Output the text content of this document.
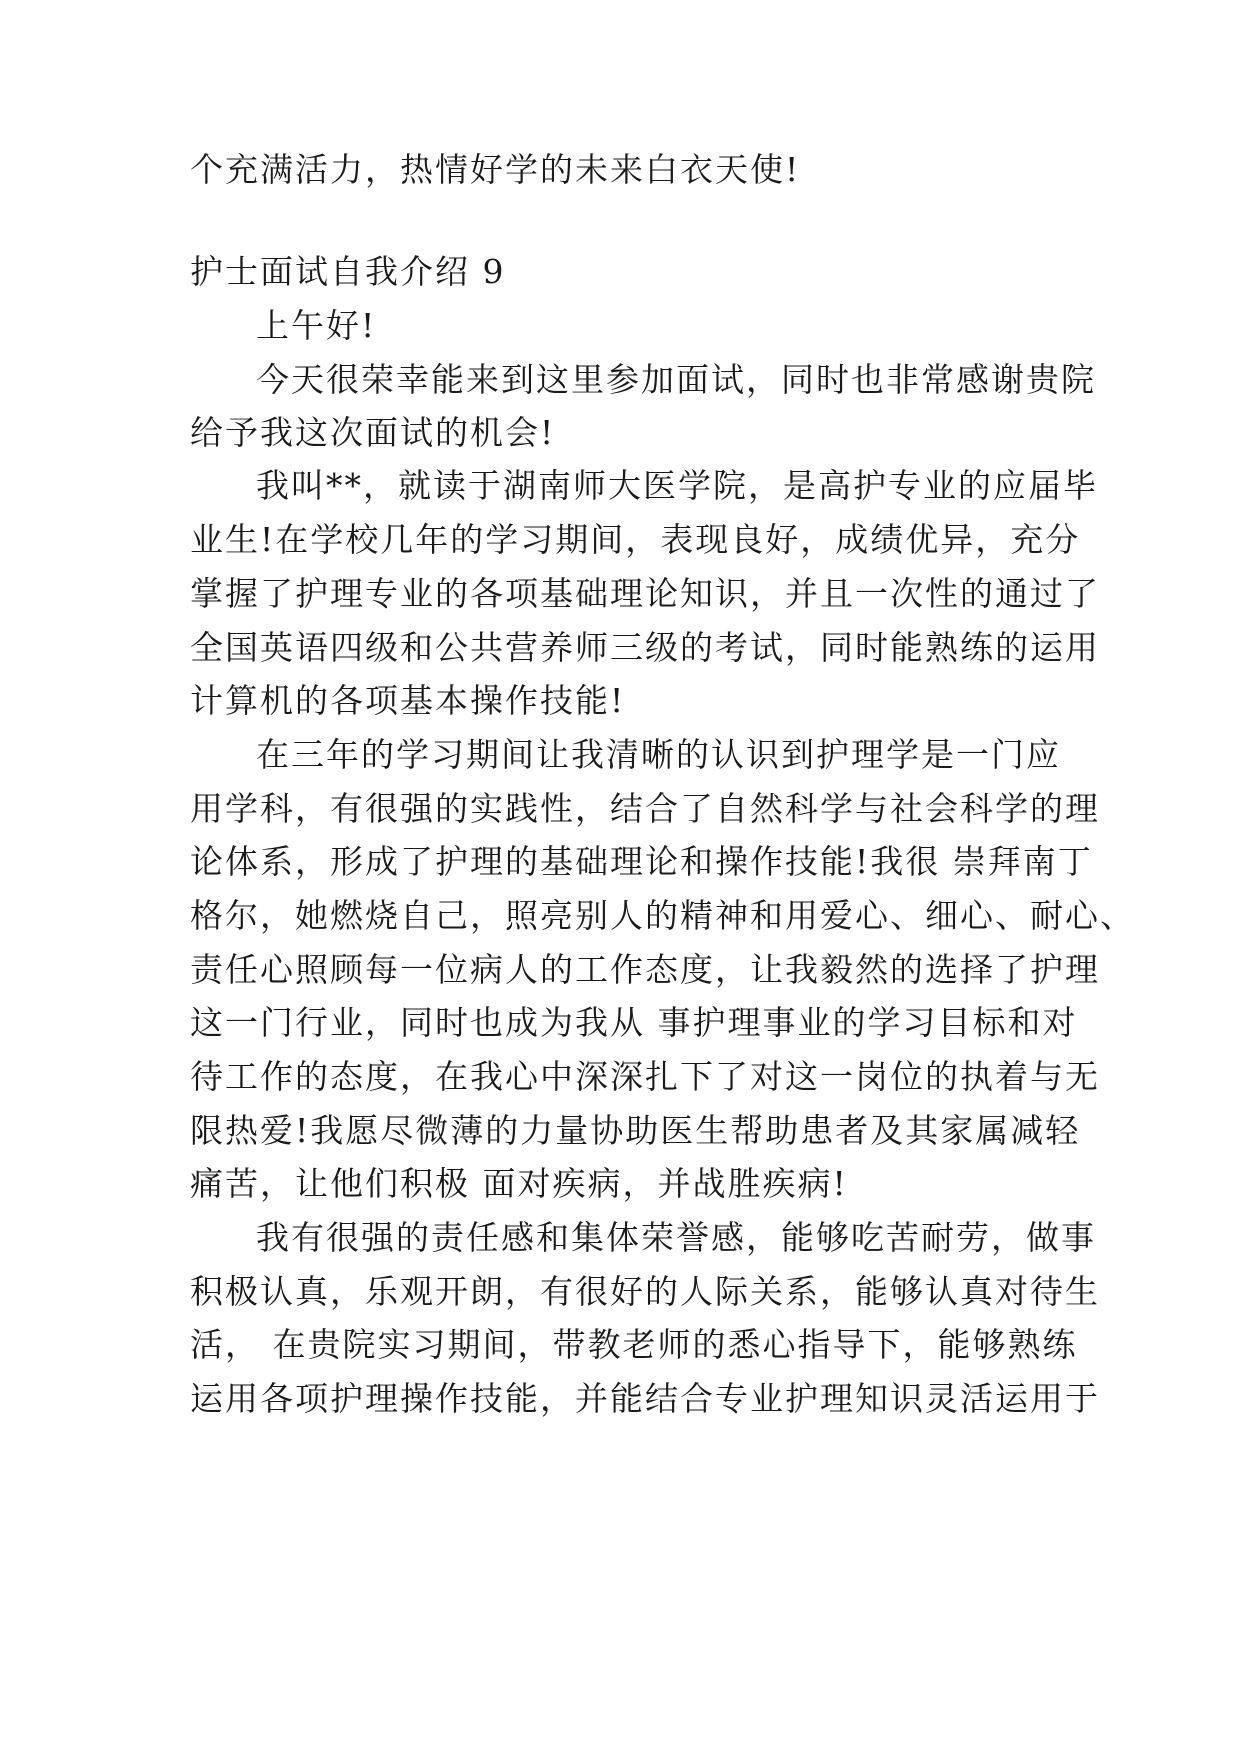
个充满活力，热情好学的未来白衣天使!
护士面试自我介绍 9
上午好!
今天很荣幸能来到这里参加面试，同时也非常感谢贵院
给予我这次面试的机会!
我叫**，就读于湖南师大医学院，是高护专业的应届毕
业生!在学校几年的学习期间，表现良好，成绩优异，充分
掌握了护理专业的各项基础理论知识，并且一次性的通过了
全国英语四级和公共营养师三级的考试，同时能熟练的运用
计算机的各项基本操作技能!
在三年的学习期间让我清晰的认识到护理学是一门应
用学科，有很强的实践性，结合了自然科学与社会科学的理
论体系，形成了护理的基础理论和操作技能!我很 崇拜南丁
格尔，她燃烧自己，照亮别人的精神和用爱心、细心、耐心、
责任心照顾每一位病人的工作态度，让我毅然的选择了护理
这一门行业，同时也成为我从 事护理事业的学习目标和对
待工作的态度，在我心中深深扎下了对这一岗位的执着与无
限热爱!我愿尽微薄的力量协助医生帮助患者及其家属减轻
痛苦，让他们积极 面对疾病，并战胜疾病!
我有很强的责任感和集体荣誉感，能够吃苦耐劳，做事
积极认真，乐观开朗，有很好的人际关系，能够认真对待生
活， 在贵院实习期间，带教老师的悉心指导下，能够熟练
运用各项护理操作技能，并能结合专业护理知识灵活运用于
